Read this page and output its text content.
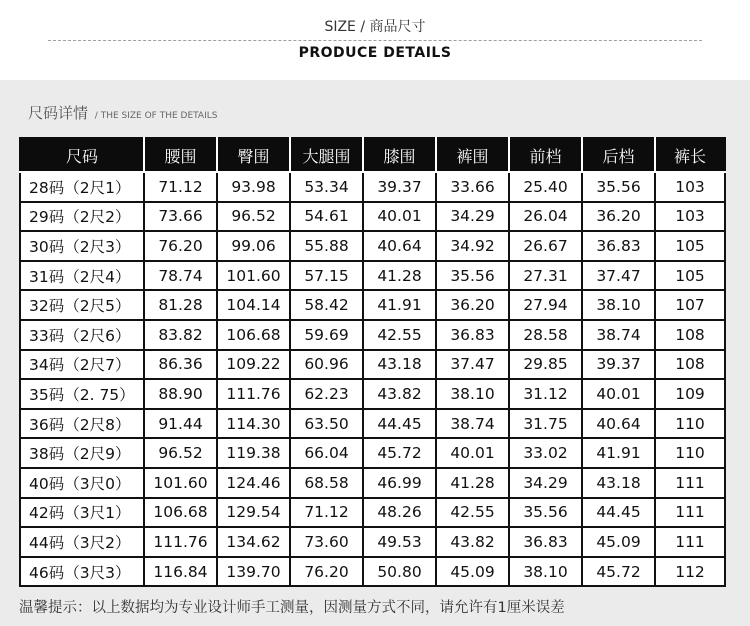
SIZE / 商品尺寸
PRODUCE DETAILS
尺码详情 / THE SIZE OF THE DETAILS
尺码	腰围	臀围	大腿围	膝围	裤围	前档	后档	裤长
28码（2尺1）	71.12	93.98	53.34	39.37	33.66	25.40	35.56	103
29码（2尺2）	73.66	96.52	54.61	40.01	34.29	26.04	36.20	103
30码（2尺3）	76.20	99.06	55.88	40.64	34.92	26.67	36.83	105
31码（2尺4）	78.74	101.60	57.15	41.28	35.56	27.31	37.47	105
32码（2尺5）	81.28	104.14	58.42	41.91	36.20	27.94	38.10	107
33码（2尺6）	83.82	106.68	59.69	42.55	36.83	28.58	38.74	108
34码（2尺7）	86.36	109.22	60.96	43.18	37.47	29.85	39.37	108
35码（2. 75）	88.90	111.76	62.23	43.82	38.10	31.12	40.01	109
36码（2尺8）	91.44	114.30	63.50	44.45	38.74	31.75	40.64	110
38码（2尺9）	96.52	119.38	66.04	45.72	40.01	33.02	41.91	110
40码（3尺0）	101.60	124.46	68.58	46.99	41.28	34.29	43.18	111
42码（3尺1）	106.68	129.54	71.12	48.26	42.55	35.56	44.45	111
44码（3尺2）	111.76	134.62	73.60	49.53	43.82	36.83	45.09	111
46码（3尺3）	116.84	139.70	76.20	50.80	45.09	38.10	45.72	112
温馨提示：以上数据均为专业设计师手工测量，因测量方式不同，请允许有1厘米误差
